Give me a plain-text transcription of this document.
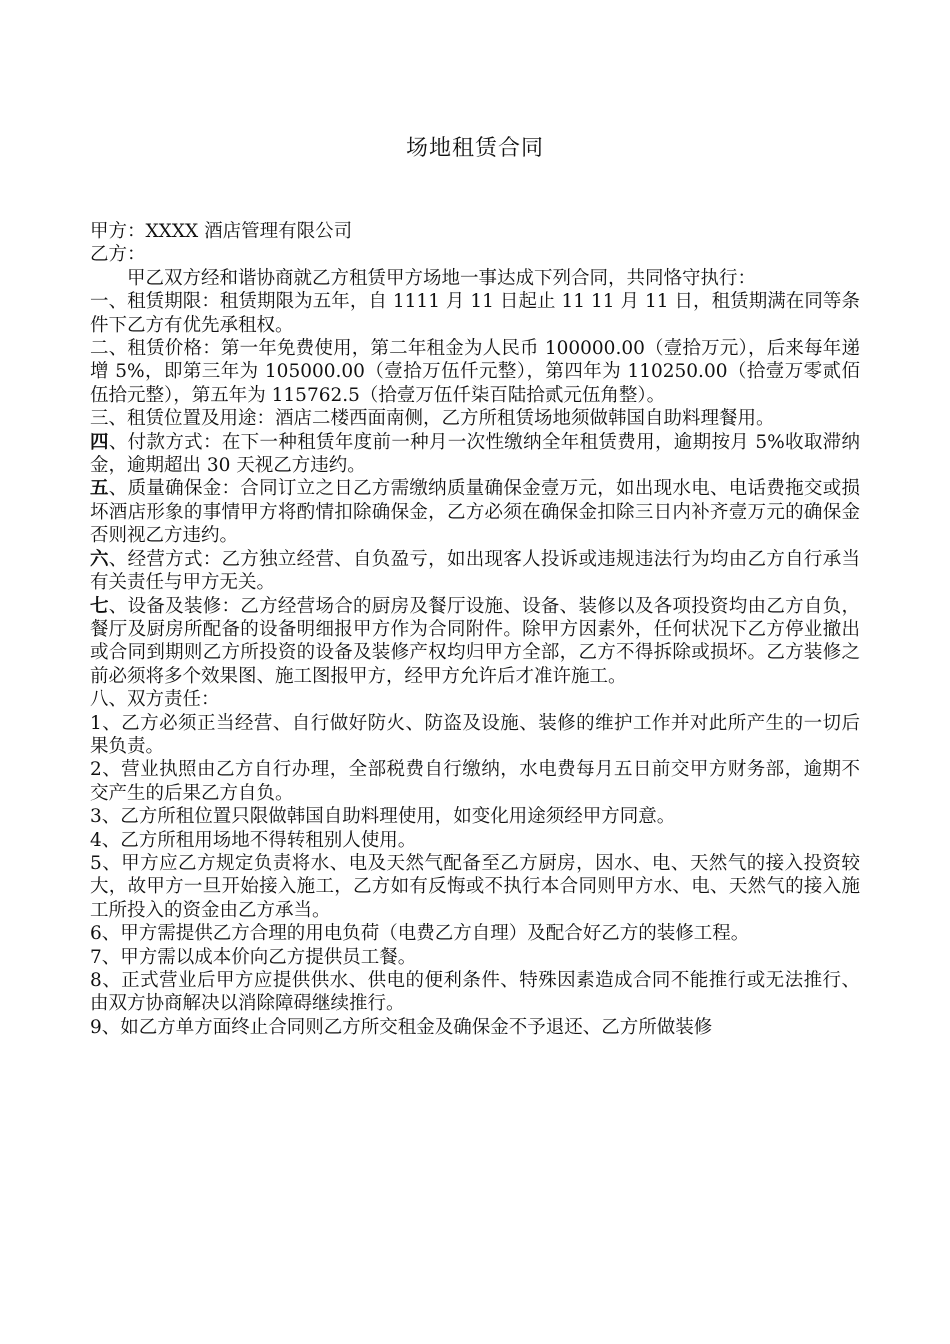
场地租赁合同

甲方：XXXX 酒店管理有限公司

乙方：

甲乙双方经和谐协商就乙方租赁甲方场地一事达成下列合同，共同恪守执行：

一、租赁期限：租赁期限为五年，自 1111 月 11 日起止 11 11 月 11 日，租赁期满在同等条件下乙方有优先承租权。

二、租赁价格：第一年免费使用，第二年租金为人民币 100000.00（壹拾万元），后来每年递增 5%，即第三年为 105000.00（壹拾万伍仟元整），第四年为 110250.00（拾壹万零贰佰伍拾元整），第五年为 115762.5（拾壹万伍仟柒百陆拾贰元伍角整）。

三、租赁位置及用途：酒店二楼西面南侧，乙方所租赁场地须做韩国自助料理餐用。

四、付款方式：在下一种租赁年度前一种月一次性缴纳全年租赁费用，逾期按月 5%收取滞纳金，逾期超出 30 天视乙方违约。

五、质量确保金：合同订立之日乙方需缴纳质量确保金壹万元，如出现水电、电话费拖交或损坏酒店形象的事情甲方将酌情扣除确保金，乙方必须在确保金扣除三日内补齐壹万元的确保金否则视乙方违约。

六、经营方式：乙方独立经营、自负盈亏，如出现客人投诉或违规违法行为均由乙方自行承当有关责任与甲方无关。

七、设备及装修：乙方经营场合的厨房及餐厅设施、设备、装修以及各项投资均由乙方自负，餐厅及厨房所配备的设备明细报甲方作为合同附件。除甲方因素外，任何状况下乙方停业撤出或合同到期则乙方所投资的设备及装修产权均归甲方全部，乙方不得拆除或损坏。乙方装修之前必须将多个效果图、施工图报甲方，经甲方允许后才准许施工。

八、双方责任：

1、乙方必须正当经营、自行做好防火、防盗及设施、装修的维护工作并对此所产生的一切后果负责。

2、营业执照由乙方自行办理，全部税费自行缴纳，水电费每月五日前交甲方财务部，逾期不交产生的后果乙方自负。

3、乙方所租位置只限做韩国自助料理使用，如变化用途须经甲方同意。

4、乙方所租用场地不得转租别人使用。

5、甲方应乙方规定负责将水、电及天然气配备至乙方厨房，因水、电、天然气的接入投资较大，故甲方一旦开始接入施工，乙方如有反悔或不执行本合同则甲方水、电、天然气的接入施工所投入的资金由乙方承当。

6、甲方需提供乙方合理的用电负荷（电费乙方自理）及配合好乙方的装修工程。

7、甲方需以成本价向乙方提供员工餐。

8、正式营业后甲方应提供供水、供电的便利条件、特殊因素造成合同不能推行或无法推行、由双方协商解决以消除障碍继续推行。

9、如乙方单方面终止合同则乙方所交租金及确保金不予退还、乙方所做装修
